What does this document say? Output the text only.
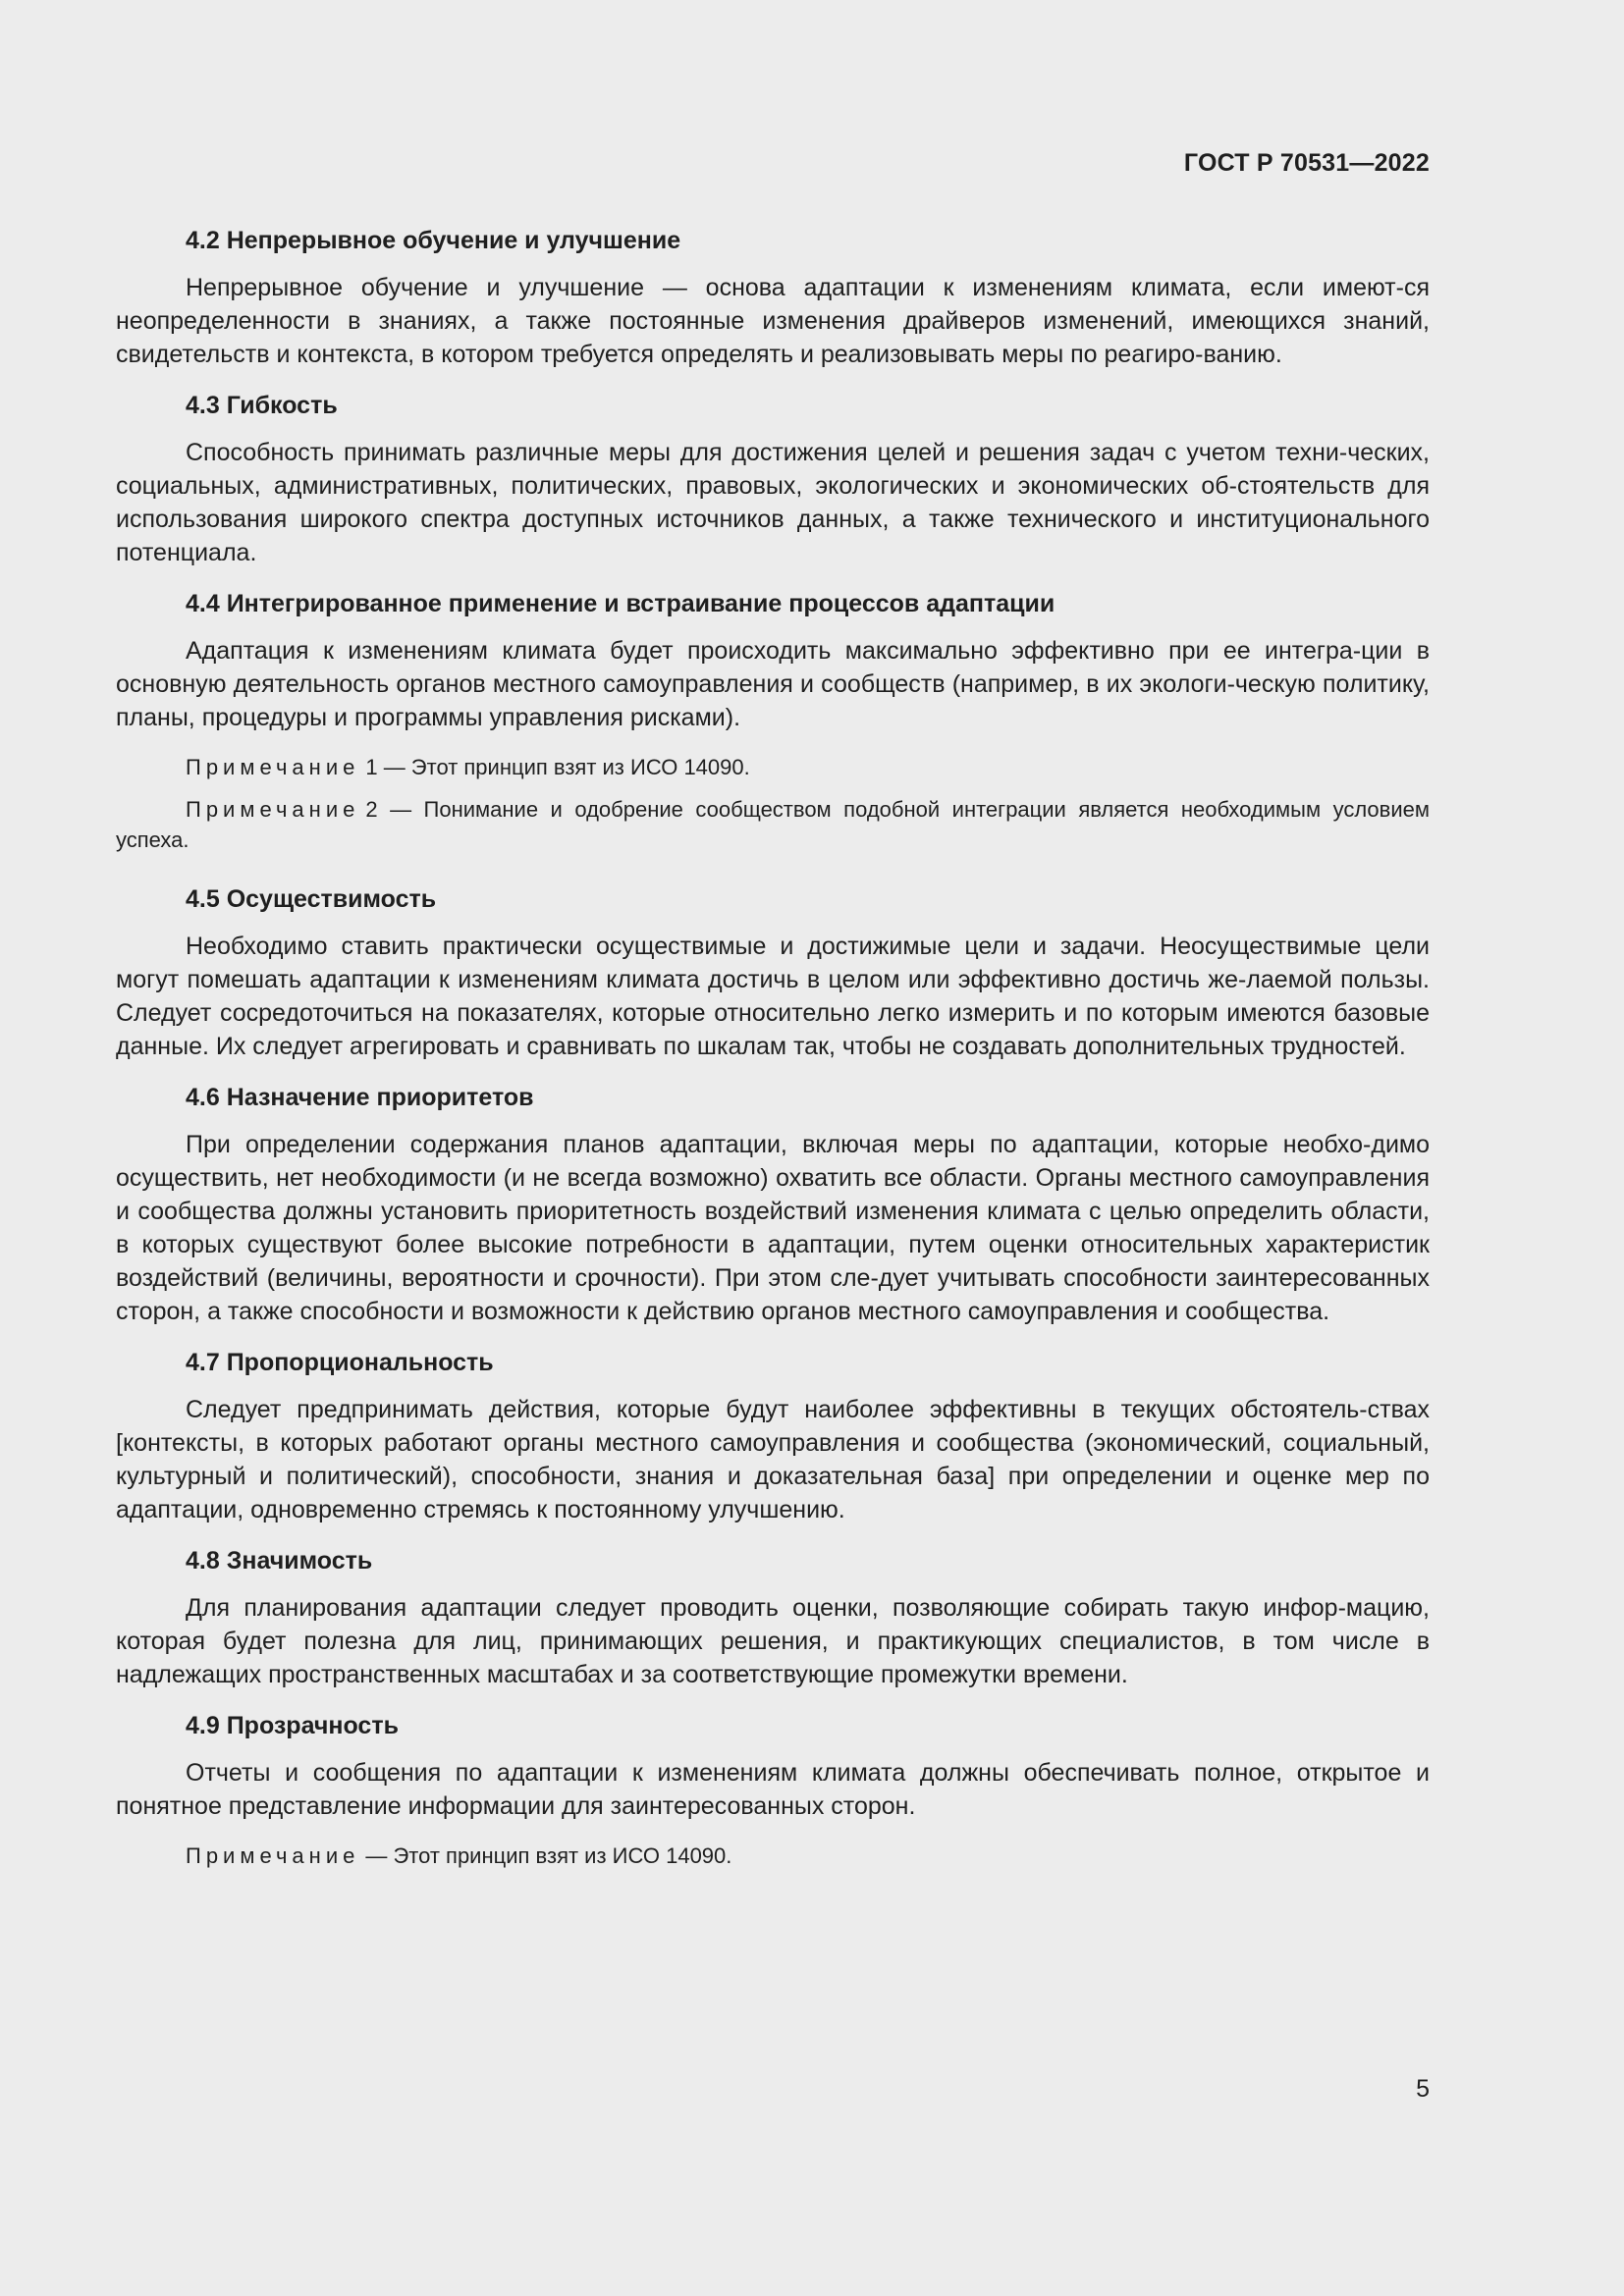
ГОСТ Р 70531—2022
4.2 Непрерывное обучение и улучшение

Непрерывное обучение и улучшение — основа адаптации к изменениям климата, если имеют-ся неопределенности в знаниях, а также постоянные изменения драйверов изменений, имеющихся знаний, свидетельств и контекста, в котором требуется определять и реализовывать меры по реагиро-ванию.

4.3 Гибкость

Способность принимать различные меры для достижения целей и решения задач с учетом техни-ческих, социальных, административных, политических, правовых, экологических и экономических об-стоятельств для использования широкого спектра доступных источников данных, а также технического и институционального потенциала.

4.4 Интегрированное применение и встраивание процессов адаптации

Адаптация к изменениям климата будет происходить максимально эффективно при ее интегра-ции в основную деятельность органов местного самоуправления и сообществ (например, в их экологи-ческую политику, планы, процедуры и программы управления рисками).

Примечание 1 — Этот принцип взят из ИСО 14090.

Примечание 2 — Понимание и одобрение сообществом подобной интеграции является необходимым условием успеха.

4.5 Осуществимость

Необходимо ставить практически осуществимые и достижимые цели и задачи. Неосуществимые цели могут помешать адаптации к изменениям климата достичь в целом или эффективно достичь же-лаемой пользы. Следует сосредоточиться на показателях, которые относительно легко измерить и по которым имеются базовые данные. Их следует агрегировать и сравнивать по шкалам так, чтобы не создавать дополнительных трудностей.

4.6 Назначение приоритетов

При определении содержания планов адаптации, включая меры по адаптации, которые необхо-димо осуществить, нет необходимости (и не всегда возможно) охватить все области. Органы местного самоуправления и сообщества должны установить приоритетность воздействий изменения климата с целью определить области, в которых существуют более высокие потребности в адаптации, путем оценки относительных характеристик воздействий (величины, вероятности и срочности). При этом сле-дует учитывать способности заинтересованных сторон, а также способности и возможности к действию органов местного самоуправления и сообщества.

4.7 Пропорциональность

Следует предпринимать действия, которые будут наиболее эффективны в текущих обстоятель-ствах [контексты, в которых работают органы местного самоуправления и сообщества (экономический, социальный, культурный и политический), способности, знания и доказательная база] при определении и оценке мер по адаптации, одновременно стремясь к постоянному улучшению.

4.8 Значимость

Для планирования адаптации следует проводить оценки, позволяющие собирать такую инфор-мацию, которая будет полезна для лиц, принимающих решения, и практикующих специалистов, в том числе в надлежащих пространственных масштабах и за соответствующие промежутки времени.

4.9 Прозрачность

Отчеты и сообщения по адаптации к изменениям климата должны обеспечивать полное, открытое и понятное представление информации для заинтересованных сторон.

Примечание — Этот принцип взят из ИСО 14090.

5
